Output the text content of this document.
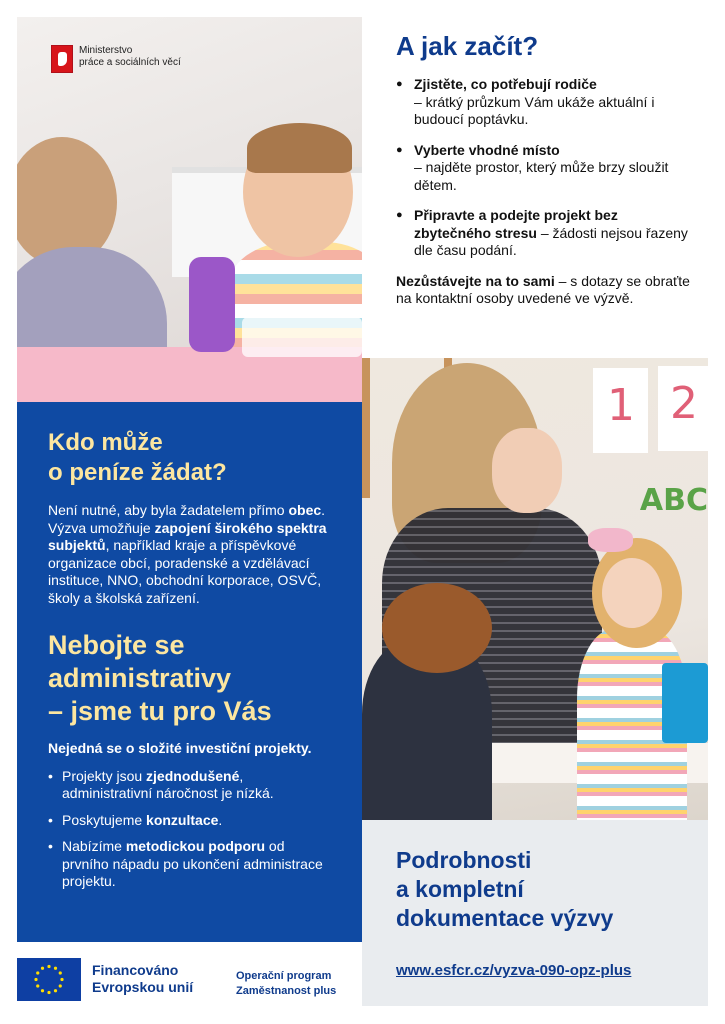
Ministerstvo
práce a sociálních věcí
A jak začít?
● Zjistěte, co potřebují rodiče
– krátký průzkum Vám ukáže aktuální i budoucí poptávku.
● Vyberte vhodné místo
– najděte prostor, který může brzy sloužit dětem.
● Připravte a podejte projekt bez zbytečného stresu – žádosti nejsou řazeny dle času podání.
Nezůstávejte na to sami – s dotazy se obraťte na kontaktní osoby uvedené ve výzvě.
Kdo může
o peníze žádat?

Není nutné, aby byla žadatelem přímo obec. Výzva umožňuje zapojení širokého spektra subjektů, například kraje a příspěvkové organizace obcí, poradenské a vzdělávací instituce, NNO, obchodní korporace, OSVČ, školy a školská zařízení.

Nebojte se
administrativy
– jsme tu pro Vás
Nejedná se o složité investiční projekty.
• Projekty jsou zjednodušené, administrativní náročnost je nízká.
• Poskytujeme konzultace.
• Nabízíme metodickou podporu od prvního nápadu po ukončení administrace projektu.
1 2
ABC
Podrobnosti
a kompletní
dokumentace výzvy
Financováno
Evropskou unií
Operační program
Zaměstnanost plus
www.esfcr.cz/vyzva-090-opz-plus
